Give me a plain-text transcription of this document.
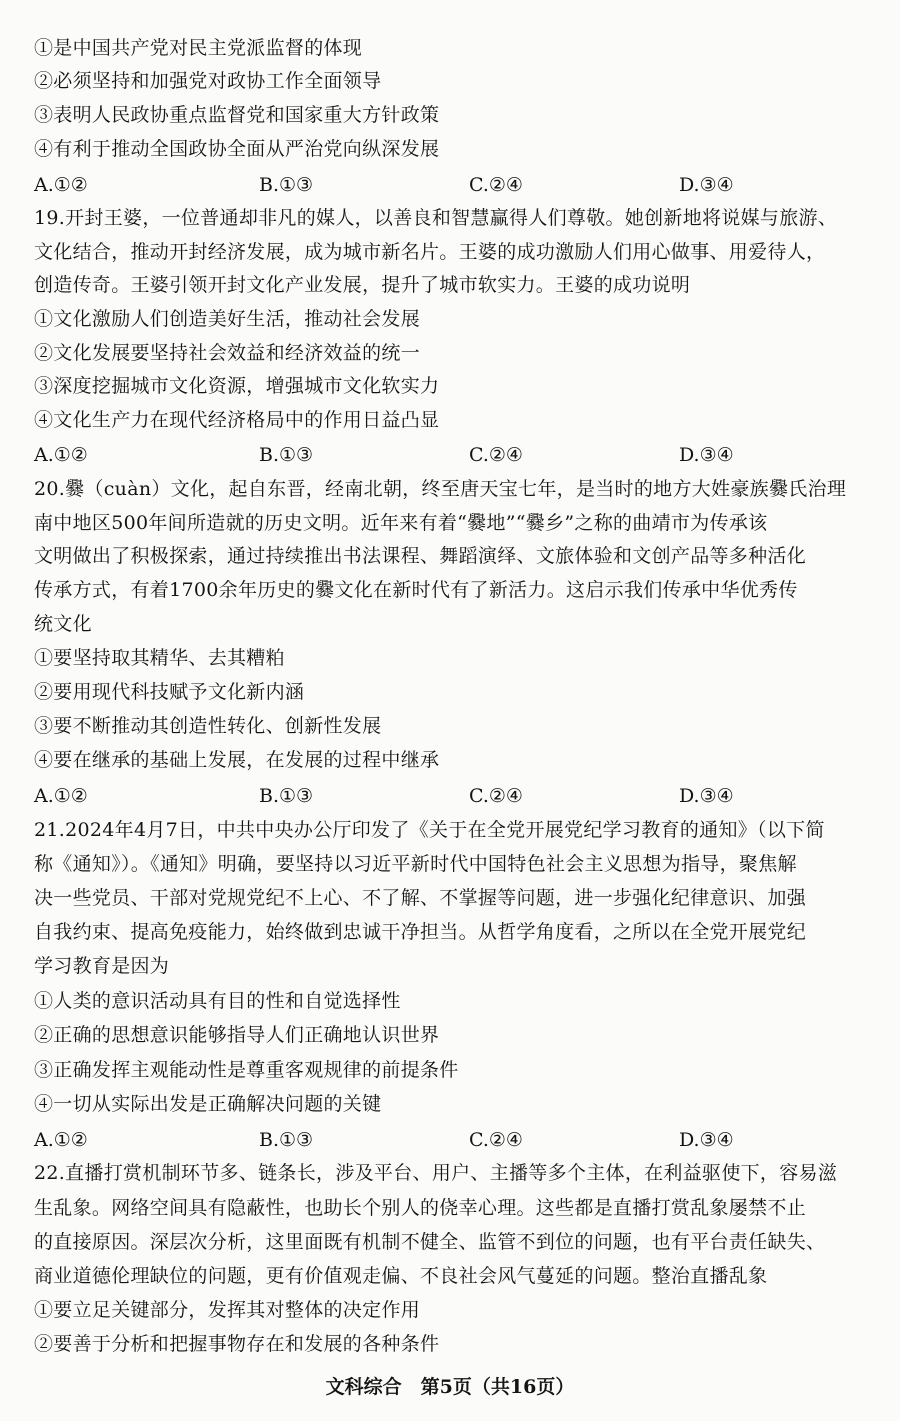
①是中国共产党对民主党派监督的体现
②必须坚持和加强党对政协工作全面领导
③表明人民政协重点监督党和国家重大方针政策
④有利于推动全国政协全面从严治党向纵深发展
A.①②	B.①③	C.②④	D.③④
19.开封王婆，一位普通却非凡的媒人，以善良和智慧赢得人们尊敬。她创新地将说媒与旅游、
文化结合，推动开封经济发展，成为城市新名片。王婆的成功激励人们用心做事、用爱待人，
创造传奇。王婆引领开封文化产业发展，提升了城市软实力。王婆的成功说明
①文化激励人们创造美好生活，推动社会发展
②文化发展要坚持社会效益和经济效益的统一
③深度挖掘城市文化资源，增强城市文化软实力
④文化生产力在现代经济格局中的作用日益凸显
A.①②	B.①③	C.②④	D.③④
20.爨（cuàn）文化，起自东晋，经南北朝，终至唐天宝七年，是当时的地方大姓豪族爨氏治理
南中地区500年间所造就的历史文明。近年来有着“爨地”“爨乡”之称的曲靖市为传承该
文明做出了积极探索，通过持续推出书法课程、舞蹈演绎、文旅体验和文创产品等多种活化
传承方式，有着1700余年历史的爨文化在新时代有了新活力。这启示我们传承中华优秀传
统文化
①要坚持取其精华、去其糟粕
②要用现代科技赋予文化新内涵
③要不断推动其创造性转化、创新性发展
④要在继承的基础上发展，在发展的过程中继承
A.①②	B.①③	C.②④	D.③④
21.2024年4月7日，中共中央办公厅印发了《关于在全党开展党纪学习教育的通知》（以下简
称《通知》）。《通知》明确，要坚持以习近平新时代中国特色社会主义思想为指导，聚焦解
决一些党员、干部对党规党纪不上心、不了解、不掌握等问题，进一步强化纪律意识、加强
自我约束、提高免疫能力，始终做到忠诚干净担当。从哲学角度看，之所以在全党开展党纪
学习教育是因为
①人类的意识活动具有目的性和自觉选择性
②正确的思想意识能够指导人们正确地认识世界
③正确发挥主观能动性是尊重客观规律的前提条件
④一切从实际出发是正确解决问题的关键
A.①②	B.①③	C.②④	D.③④
22.直播打赏机制环节多、链条长，涉及平台、用户、主播等多个主体，在利益驱使下，容易滋
生乱象。网络空间具有隐蔽性，也助长个别人的侥幸心理。这些都是直播打赏乱象屡禁不止
的直接原因。深层次分析，这里面既有机制不健全、监管不到位的问题，也有平台责任缺失、
商业道德伦理缺位的问题，更有价值观走偏、不良社会风气蔓延的问题。整治直播乱象
①要立足关键部分，发挥其对整体的决定作用
②要善于分析和把握事物存在和发展的各种条件
文科综合　第5页（共16页）
